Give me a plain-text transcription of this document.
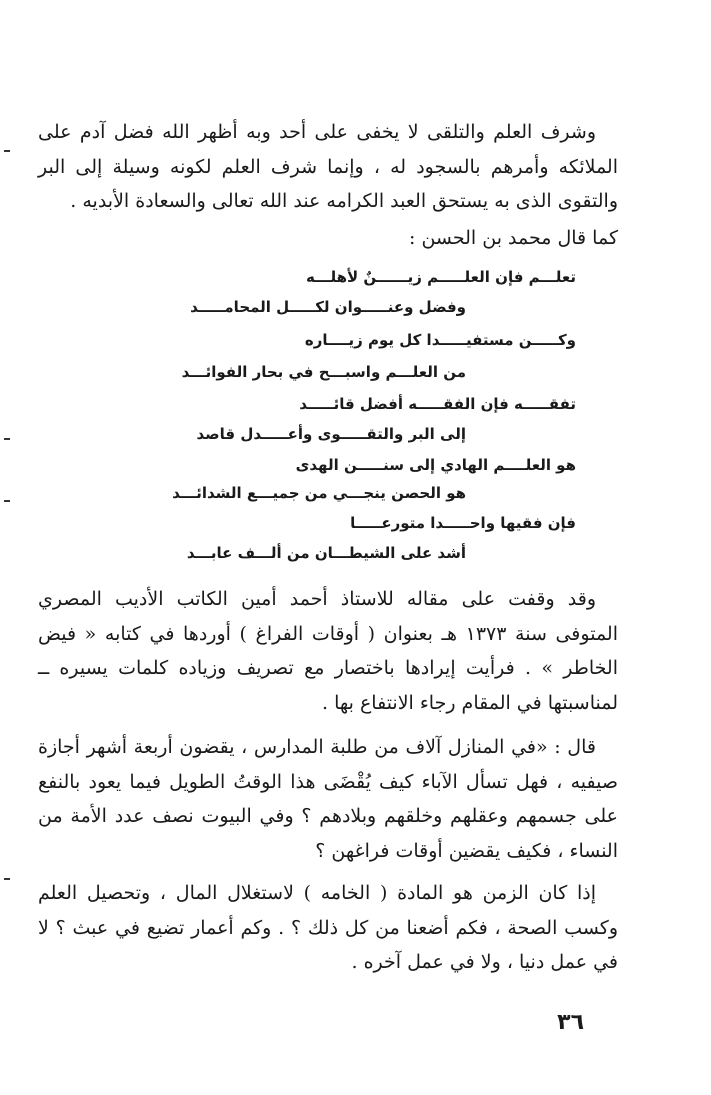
وشرف العلم والتلقى لا يخفى على أحد وبه أظهر الله فضل آدم على الملائكه وأمرهم بالسجود له ، وإنما شرف العلم لكونه وسيلة إلى البر والتقوى الذى به يستحق العبد الكرامه عند الله تعالى والسعادة الأبديه .

كما قال محمد بن الحسن :

تعلـــم فإن العلـــــم زيــــــنٌ لأهلـــه

وفضل وعنـــــوان لكـــــل المحامـــــد

وكـــــن مستفيـــــدا كل يوم زيــــاره

من العلـــم واسبـــح في بحار الفوائـــد

تفقـــــه فإن الفقـــــه أفضل قائـــــد

إلى البر والتقـــــوى وأعـــــدل قاصد

هو العلــــم الهادي إلى سنـــــن الهدى

هو الحصن ينجـــي من جميـــع الشدائـــد

فإن فقيها واحـــــدا متورعـــــا

أشد على الشيطـــان من ألـــف عابـــد

وقد وقفت على مقاله للاستاذ أحمد أمين الكاتب الأديب المصري المتوفى سنة ١٣٧٣ هـ بعنوان ( أوقات الفراغ ) أوردها في كتابه « فيض الخاطر » . فرأيت إيرادها باختصار مع تصريف وزياده كلمات يسيره ــ لمناسبتها في المقام رجاء الانتفاع بها .

قال : «في المنازل آلاف من طلبة المدارس ، يقضون أربعة أشهر أجازة صيفيه ، فهل تسأل الآباء كيف يُقْضَى هذا الوقتُ الطويل فيما يعود بالنفع على جسمهم وعقلهم وخلقهم وبلادهم ؟ وفي البيوت نصف عدد الأمة من النساء ، فكيف يقضين أوقات فراغهن ؟

إذا كان الزمن هو المادة ( الخامه ) لاستغلال المال ، وتحصيل العلم وكسب الصحة ، فكم أضعنا من كل ذلك ؟ . وكم أعمار تضيع في عبث ؟ لا في عمل دنيا ، ولا في عمل آخره .

٣٦
